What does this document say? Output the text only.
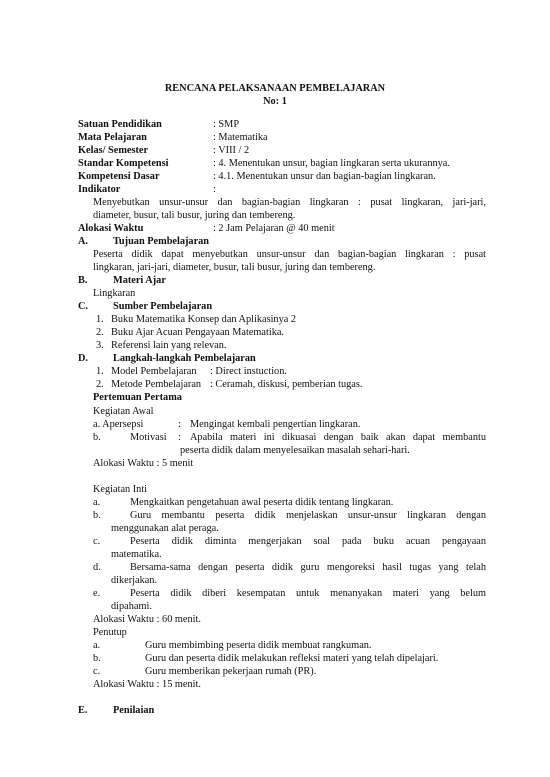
RENCANA PELAKSANAAN PEMBELAJARAN
No: 1
Satuan Pendidikan	: SMP
Mata Pelajaran	: Matematika
Kelas/ Semester	: VIII / 2
Standar Kompetensi	: 4. Menentukan unsur, bagian lingkaran serta ukurannya.
Kompetensi Dasar	: 4.1. Menentukan unsur dan bagian-bagian lingkaran.
Indikator	:
Menyebutkan unsur-unsur dan bagian-bagian lingkaran : pusat lingkaran, jari-jari,
diameter, busur, tali busur, juring dan tembereng.
Alokasi Waktu	: 2 Jam Pelajaran @ 40 menit
A. Tujuan Pembelajaran
Peserta didik dapat menyebutkan unsur-unsur dan bagian-bagian lingkaran : pusat
lingkaran, jari-jari, diameter, busur, tali busur, juring dan tembereng.
B. Materi Ajar
Lingkaran
C. Sumber Pembelajaran
1. Buku Matematika Konsep dan Aplikasinya 2
2. Buku Ajar Acuan Pengayaan Matematika.
3. Referensi lain yang relevan.
D. Langkah-langkah Pembelajaran
1. Model Pembelajaran : Direct instuction.
2. Metode Pembelajaran : Ceramah, diskusi, pemberian tugas.
Pertemuan Pertama
Kegiatan Awal
a. Apersepsi	: Mengingat kembali pengertian lingkaran.
b.	Motivasi : Apabila materi ini dikuasai dengan baik akan dapat membantu
peserta didik dalam menyelesaikan masalah sehari-hari.
Alokasi Waktu : 5 menit
Kegiatan Inti
a.	Mengkaitkan pengetahuan awal peserta didik tentang lingkaran.
b.	Guru membantu peserta didik menjelaskan unsur-unsur lingkaran dengan
menggunakan alat peraga.
c.	Peserta didik diminta mengerjakan soal pada buku acuan pengayaan
matematika.
d.	Bersama-sama dengan peserta didik guru mengoreksi hasil tugas yang telah
dikerjakan.
e.	Peserta didik diberi kesempatan untuk menanyakan materi yang belum
dipahami.
Alokasi Waktu : 60 menit.
Penutup
a.	Guru membimbing peserta didik membuat rangkuman.
b.	Guru dan peserta didik melakukan refleksi materi yang telah dipelajari.
c.	Guru memberikan pekerjaan rumah (PR).
Alokasi Waktu : 15 menit.
E. Penilaian
